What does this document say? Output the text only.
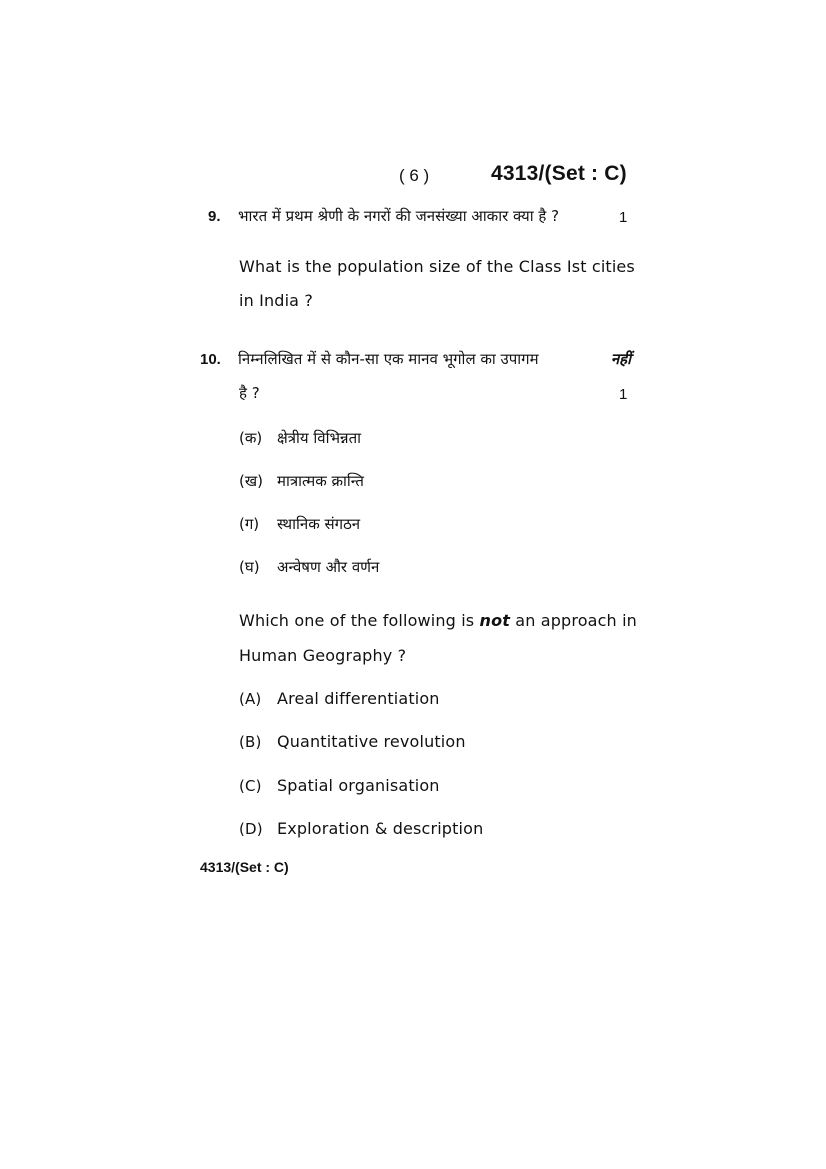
( 6 )	4313/(Set : C)
9. भारत में प्रथम श्रेणी के नगरों की जनसंख्या आकार क्या है ?	1
What is the population size of the Class Ist cities
in India ?
10. निम्नलिखित में से कौन-सा एक मानव भूगोल का उपागम	नहीं
है ?	1
(क) क्षेत्रीय विभिन्नता
(ख) मात्रात्मक क्रान्ति
(ग) स्थानिक संगठन
(घ) अन्वेषण और वर्णन
Which one of the following is not an approach in
Human Geography ?
(A) Areal differentiation
(B) Quantitative revolution
(C) Spatial organisation
(D) Exploration & description
4313/(Set : C)
